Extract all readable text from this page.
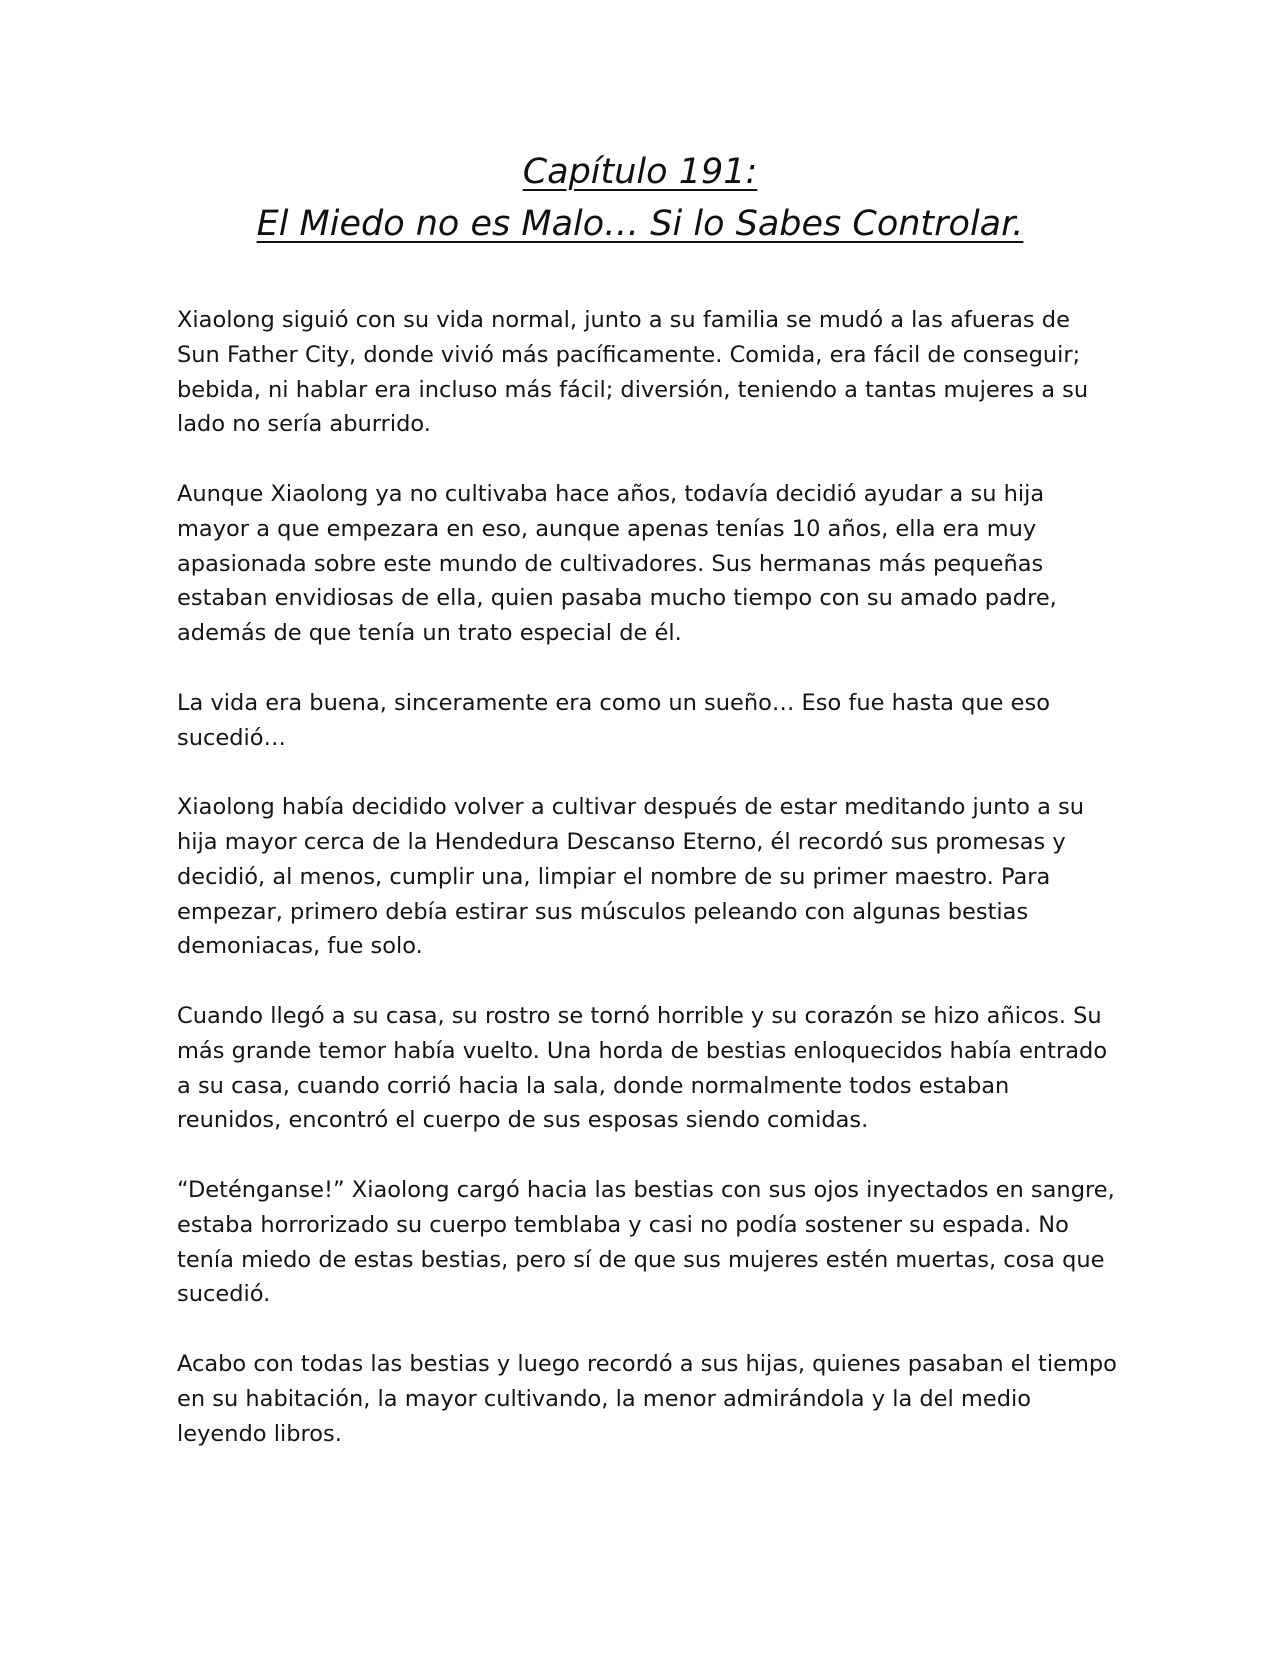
Capítulo 191:
El Miedo no es Malo… Si lo Sabes Controlar.

Xiaolong siguió con su vida normal, junto a su familia se mudó a las afueras de Sun Father City, donde vivió más pacíficamente. Comida, era fácil de conseguir; bebida, ni hablar era incluso más fácil; diversión, teniendo a tantas mujeres a su lado no sería aburrido.

Aunque Xiaolong ya no cultivaba hace años, todavía decidió ayudar a su hija mayor a que empezara en eso, aunque apenas tenías 10 años, ella era muy apasionada sobre este mundo de cultivadores. Sus hermanas más pequeñas estaban envidiosas de ella, quien pasaba mucho tiempo con su amado padre, además de que tenía un trato especial de él.

La vida era buena, sinceramente era como un sueño… Eso fue hasta que eso sucedió…

Xiaolong había decidido volver a cultivar después de estar meditando junto a su hija mayor cerca de la Hendedura Descanso Eterno, él recordó sus promesas y decidió, al menos, cumplir una, limpiar el nombre de su primer maestro. Para empezar, primero debía estirar sus músculos peleando con algunas bestias demoniacas, fue solo.

Cuando llegó a su casa, su rostro se tornó horrible y su corazón se hizo añicos. Su más grande temor había vuelto. Una horda de bestias enloquecidos había entrado a su casa, cuando corrió hacia la sala, donde normalmente todos estaban reunidos, encontró el cuerpo de sus esposas siendo comidas.

“Deténganse!” Xiaolong cargó hacia las bestias con sus ojos inyectados en sangre, estaba horrorizado su cuerpo temblaba y casi no podía sostener su espada. No tenía miedo de estas bestias, pero sí de que sus mujeres estén muertas, cosa que sucedió.

Acabo con todas las bestias y luego recordó a sus hijas, quienes pasaban el tiempo en su habitación, la mayor cultivando, la menor admirándola y la del medio leyendo libros.
